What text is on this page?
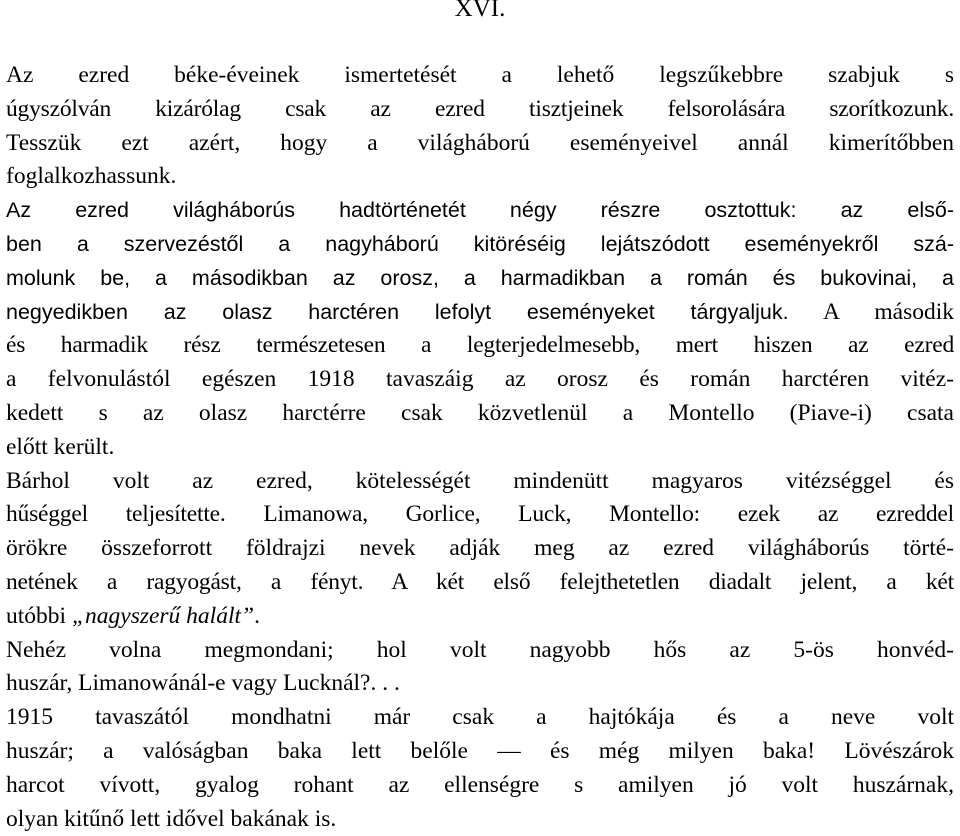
XVI.
Az ezred béke-éveinek ismertetését a lehető legszűkebbre szabjuk s
úgyszólván kizárólag csak az ezred tisztjeinek felsorolására szorítkozunk.
Tesszük ezt azért, hogy a világháború eseményeivel annál kimerítőbben
foglalkozhassunk.
Az ezred világháborús hadtörténetét négy részre osztottuk: az első-
ben a szervezéstől a nagyháború kitöréséig lejátszódott eseményekről szá-
molunk be, a másodikban az orosz, a harmadikban a román és bukovinai, a
negyedikben az olasz harctéren lefolyt eseményeket tárgyaljuk. A második
és harmadik rész természetesen a legterjedelmesebb, mert hiszen az ezred
a felvonulástól egészen 1918 tavaszáig az orosz és román harctéren vitéz-
kedett s az olasz harctérre csak közvetlenül a Montello (Piave-i) csata
előtt került.
Bárhol volt az ezred, kötelességét mindenütt magyaros vitézséggel és
hűséggel teljesítette. Limanowa, Gorlice, Luck, Montello: ezek az ezreddel
örökre összeforrott földrajzi nevek adják meg az ezred világháborús törté-
netének a ragyogást, a fényt. A két első felejthetetlen diadalt jelent, a két
utóbbi „nagyszerű halált”.
Nehéz volna megmondani; hol volt nagyobb hős az 5-ös honvéd-
huszár, Limanowánál-e vagy Lucknál?. . .
1915 tavaszától mondhatni már csak a hajtókája és a neve volt
huszár; a valóságban baka lett belőle — és még milyen baka! Lövészárok
harcot vívott, gyalog rohant az ellenségre s amilyen jó volt huszárnak,
olyan kitűnő lett idővel bakának is.
